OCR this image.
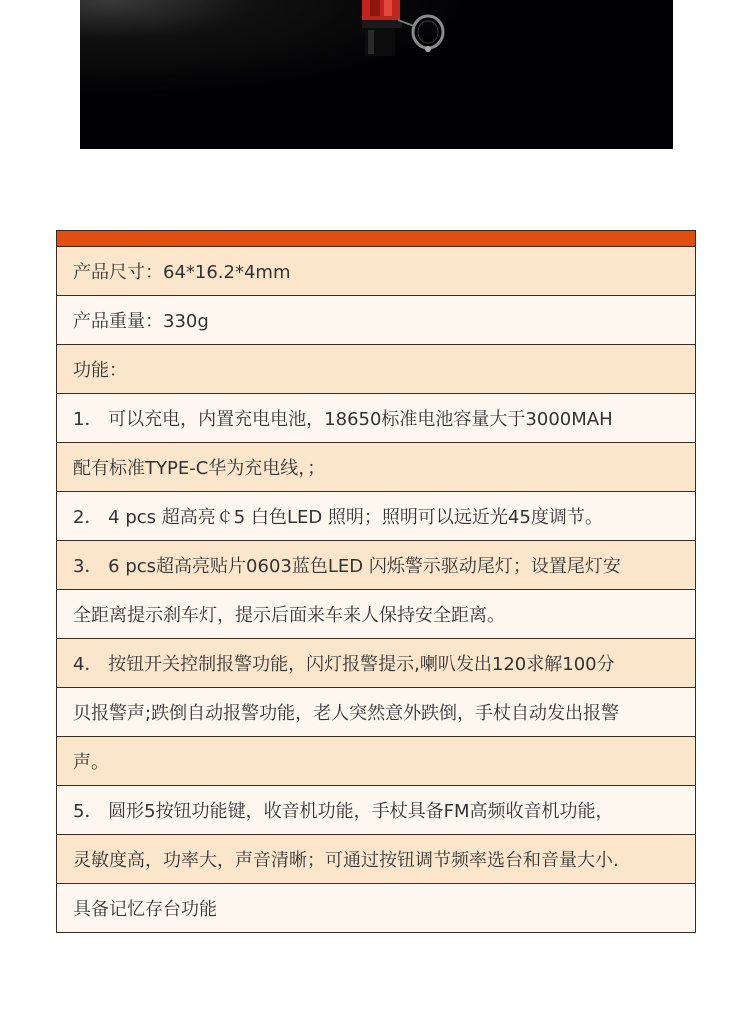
产品尺寸：64*16.2*4mm
产品重量：330g
功能：
1． 可以充电，内置充电电池，18650标准电池容量大于3000MAH
配有标准TYPE-C华为充电线，；
2． 4 pcs 超高亮￠5 白色LED 照明；照明可以远近光45度调节。
3． 6 pcs超高亮贴片0603蓝色LED 闪烁警示驱动尾灯；设置尾灯安
全距离提示刹车灯，提示后面来车来人保持安全距离。
4． 按钮开关控制报警功能，闪灯报警提示,喇叭发出120求解100分
贝报警声;跌倒自动报警功能，老人突然意外跌倒，手杖自动发出报警
声。
5． 圆形5按钮功能键，收音机功能，手杖具备FM高频收音机功能，
灵敏度高，功率大，声音清晰；可通过按钮调节频率选台和音量大小.
具备记忆存台功能
